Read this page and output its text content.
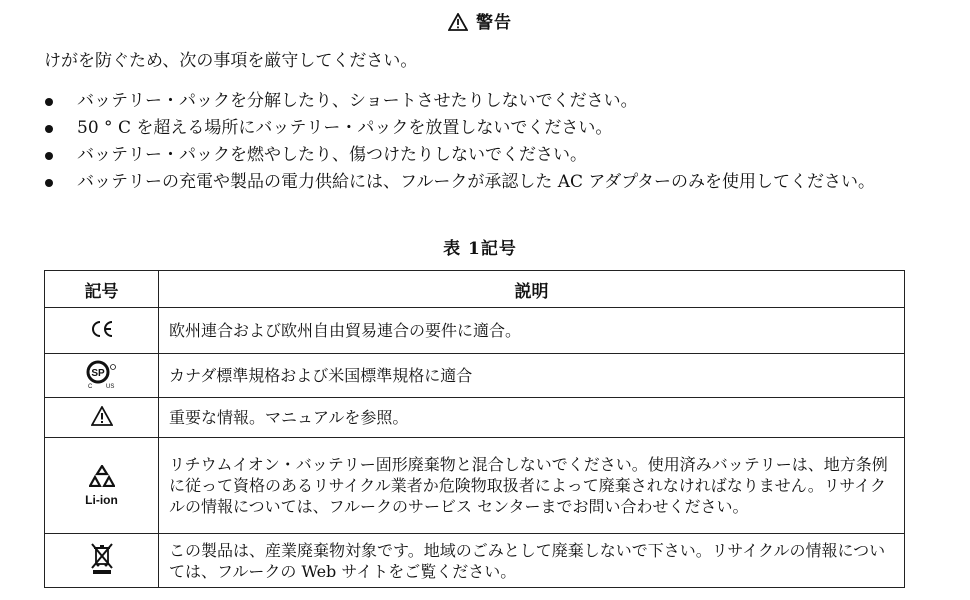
警告
けがを防ぐため、次の事項を厳守してください。
バッテリー・パックを分解したり、ショートさせたりしないでください。
50 ° C を超える場所にバッテリー・パックを放置しないでください。
バッテリー・パックを燃やしたり、傷つけたりしないでください。
バッテリーの充電や製品の電力供給には、フルークが承認した AC アダプターのみを使用してください。
表 1記号
記号	説明
	欧州連合および欧州自由貿易連合の要件に適合。

SP
C US	カナダ標準規格および米国標準規格に適合
	重要な情報。マニュアルを参照。

Li-ion	リチウムイオン・バッテリー固形廃棄物と混合しないでください。使用済みバッテリーは、地方条例に従って資格のあるリサイクル業者か危険物取扱者によって廃棄されなければなりません。リサイクルの情報については、フルークのサービス センターまでお問い合わせください。
	この製品は、産業廃棄物対象です。地域のごみとして廃棄しないで下さい。リサイクルの情報については、フルークの Web サイトをご覧ください。
